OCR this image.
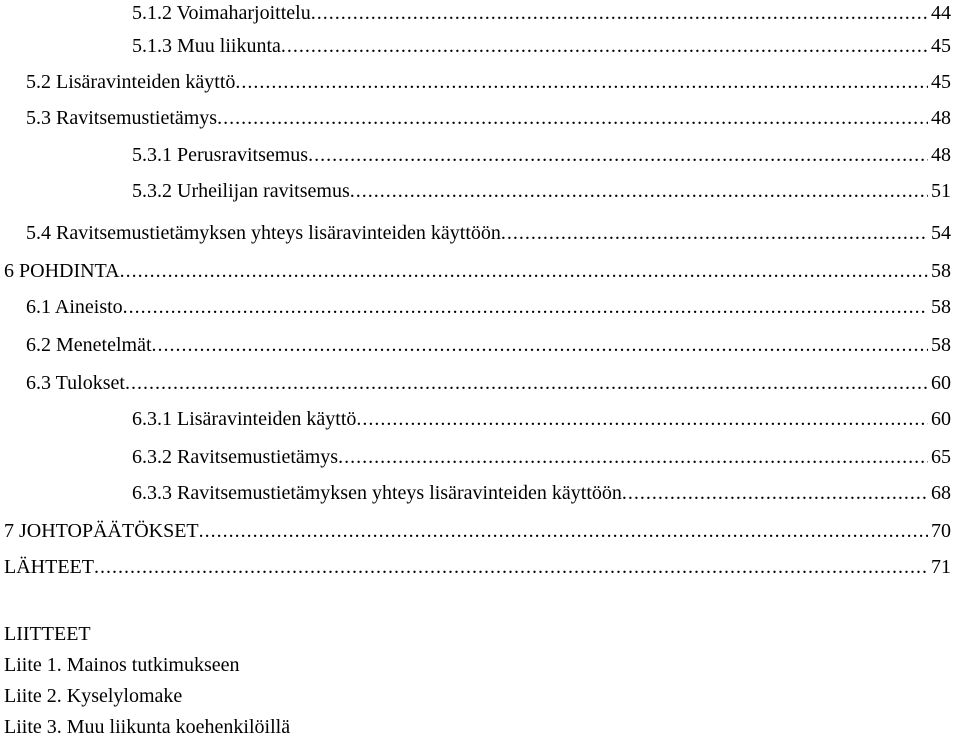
5.1.2 Voimaharjoittelu .....	44
5.1.3 Muu liikunta .....	45
5.2 Lisäravinteiden käyttö .....	45
5.3 Ravitsemustietämys .....	48
5.3.1 Perusravitsemus .....	48
5.3.2 Urheilijan ravitsemus .....	51
5.4 Ravitsemustietämyksen yhteys lisäravinteiden käyttöön .....	54
6 POHDINTA .....	58
6.1 Aineisto .....	58
6.2 Menetelmät .....	58
6.3 Tulokset .....	60
6.3.1 Lisäravinteiden käyttö .....	60
6.3.2 Ravitsemustietämys .....	65
6.3.3 Ravitsemustietämyksen yhteys lisäravinteiden käyttöön .....	68
7 JOHTOPÄÄTÖKSET .....	70
LÄHTEET .....	71
LIITTEET
Liite 1. Mainos tutkimukseen
Liite 2. Kyselylomake
Liite 3. Muu liikunta koehenkilöillä
